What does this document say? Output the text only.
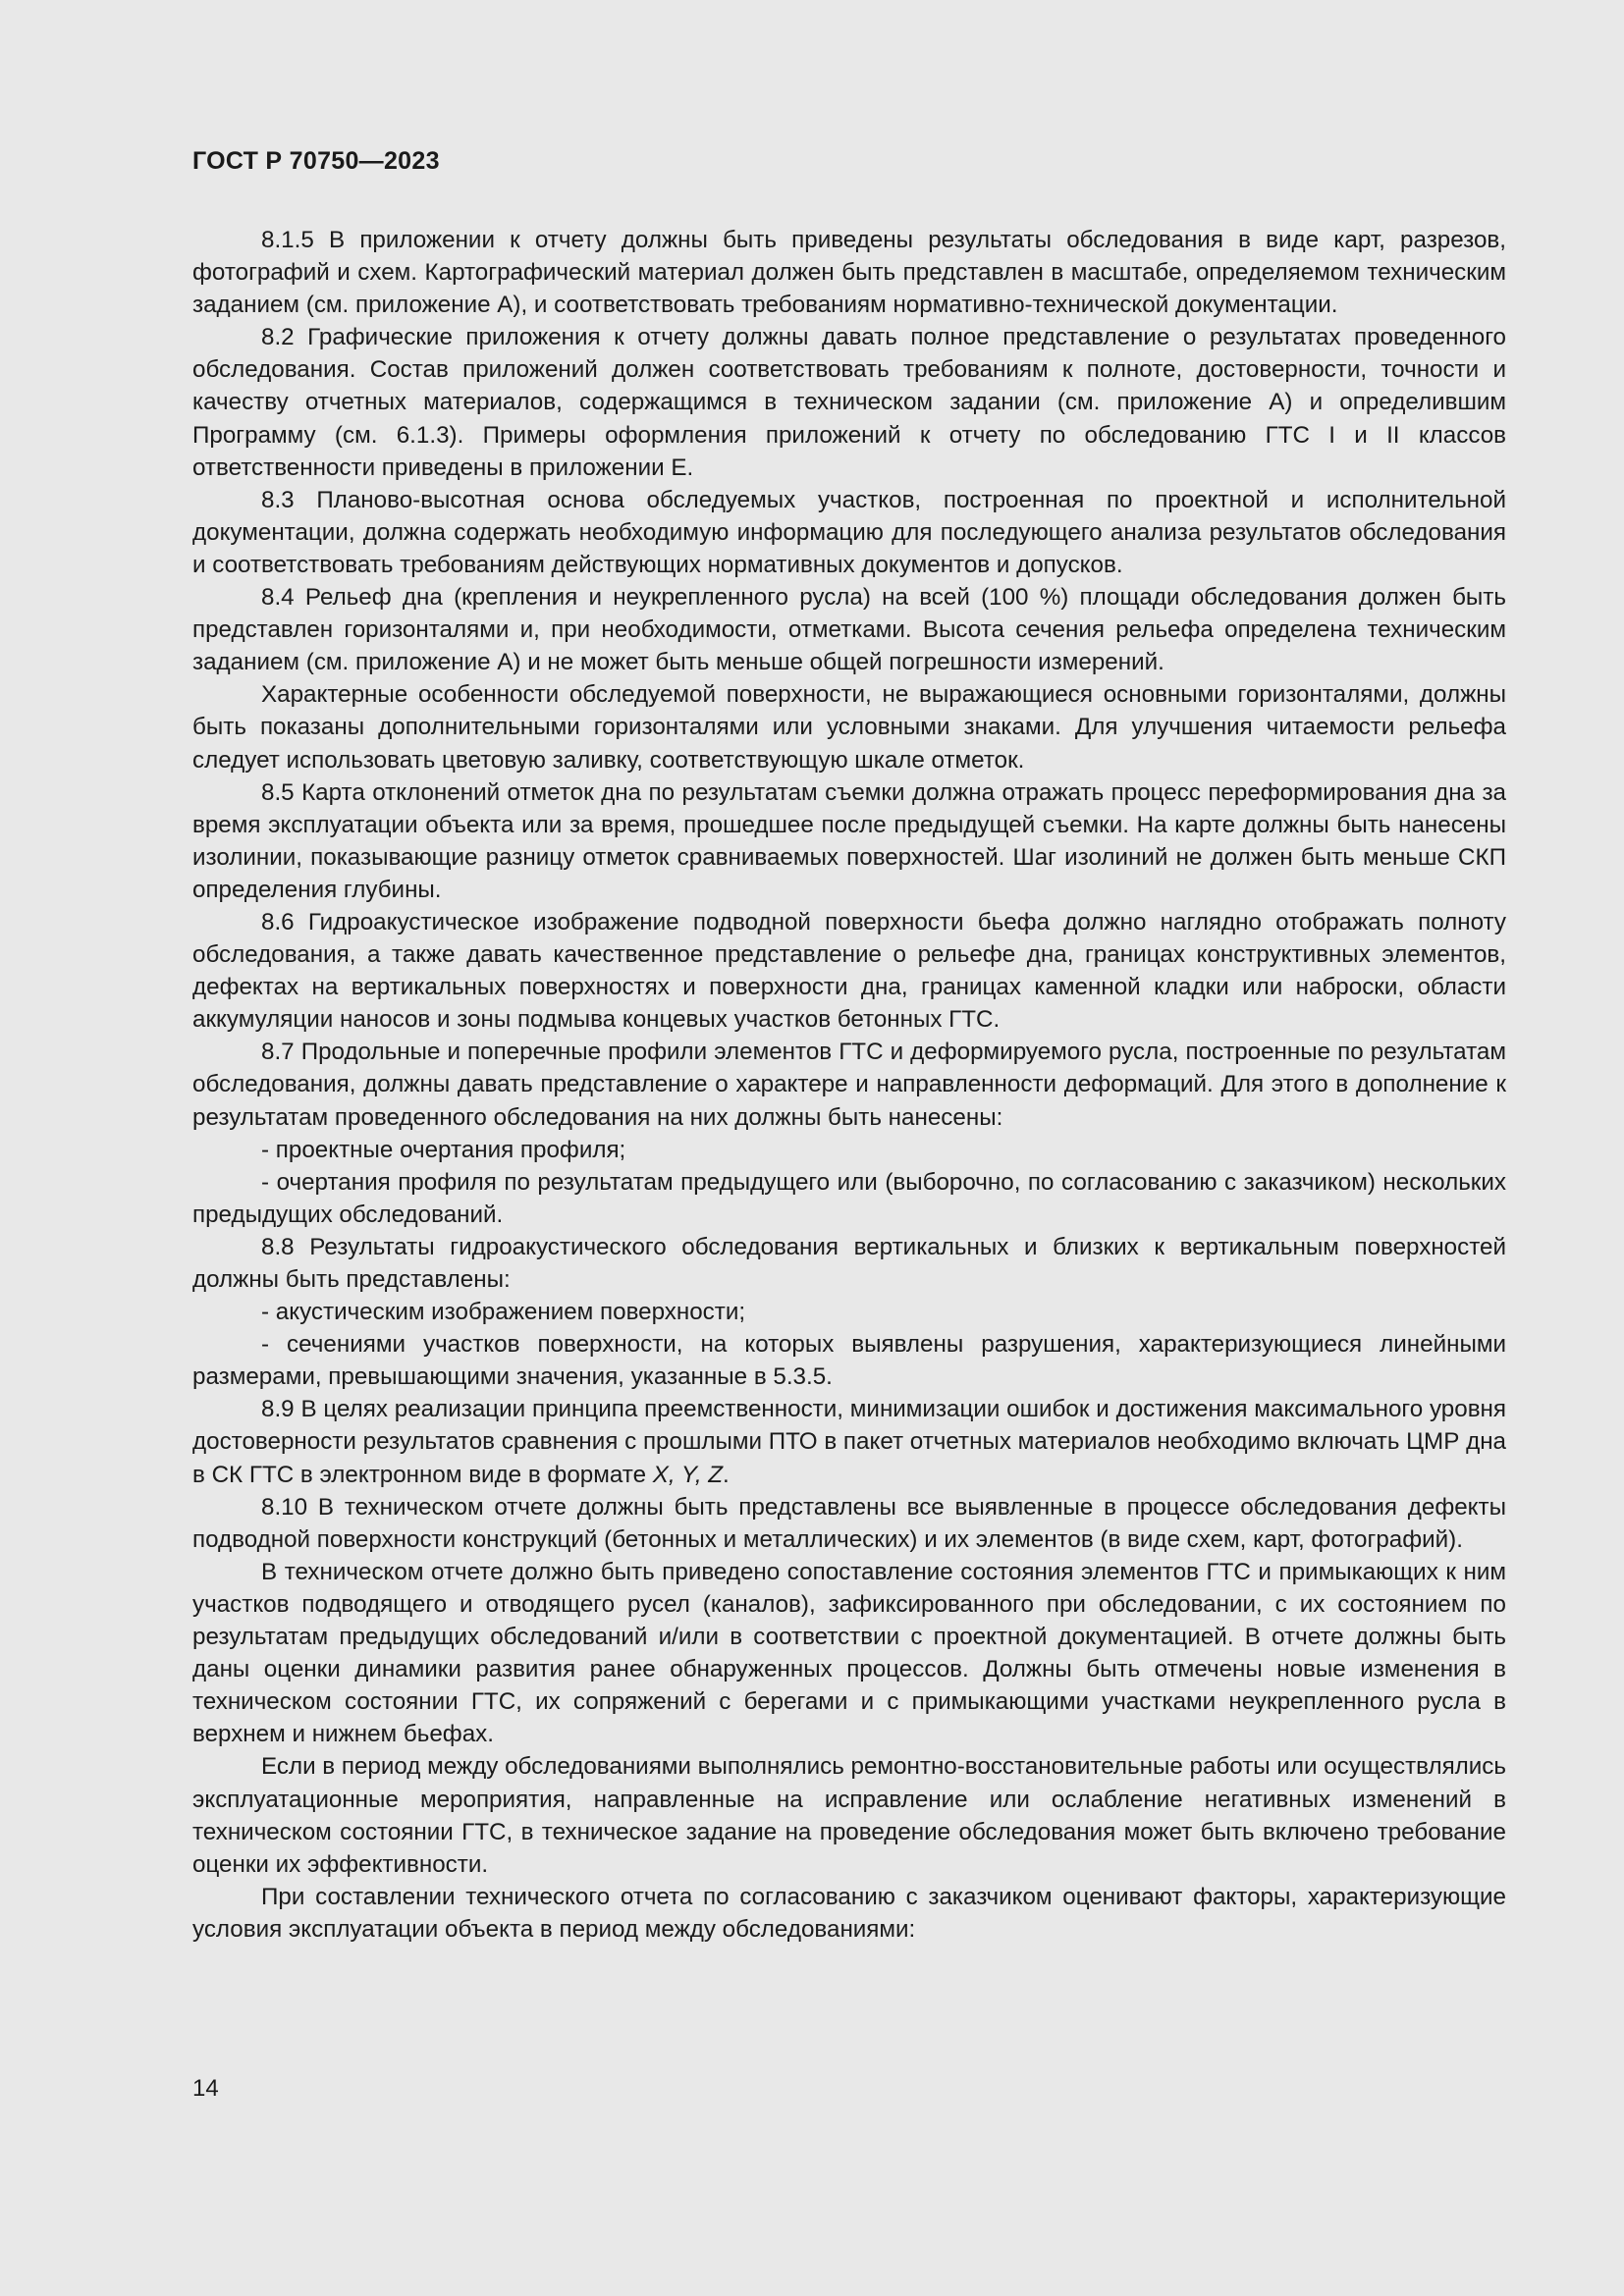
ГОСТ Р 70750—2023

8.1.5 В приложении к отчету должны быть приведены результаты обследования в виде карт, разрезов, фотографий и схем. Картографический материал должен быть представлен в масштабе, определяемом техническим заданием (см. приложение А), и соответствовать требованиям нормативно-технической документации.

8.2 Графические приложения к отчету должны давать полное представление о результатах проведенного обследования. Состав приложений должен соответствовать требованиям к полноте, достоверности, точности и качеству отчетных материалов, содержащимся в техническом задании (см. приложение А) и определившим Программу (см. 6.1.3). Примеры оформления приложений к отчету по обследованию ГТС I и II классов ответственности приведены в приложении Е.

8.3 Планово-высотная основа обследуемых участков, построенная по проектной и исполнительной документации, должна содержать необходимую информацию для последующего анализа результатов обследования и соответствовать требованиям действующих нормативных документов и допусков.

8.4 Рельеф дна (крепления и неукрепленного русла) на всей (100 %) площади обследования должен быть представлен горизонталями и, при необходимости, отметками. Высота сечения рельефа определена техническим заданием (см. приложение А) и не может быть меньше общей погрешности измерений.

Характерные особенности обследуемой поверхности, не выражающиеся основными горизонталями, должны быть показаны дополнительными горизонталями или условными знаками. Для улучшения читаемости рельефа следует использовать цветовую заливку, соответствующую шкале отметок.

8.5 Карта отклонений отметок дна по результатам съемки должна отражать процесс переформирования дна за время эксплуатации объекта или за время, прошедшее после предыдущей съемки. На карте должны быть нанесены изолинии, показывающие разницу отметок сравниваемых поверхностей. Шаг изолиний не должен быть меньше СКП определения глубины.

8.6 Гидроакустическое изображение подводной поверхности бьефа должно наглядно отображать полноту обследования, а также давать качественное представление о рельефе дна, границах конструктивных элементов, дефектах на вертикальных поверхностях и поверхности дна, границах каменной кладки или наброски, области аккумуляции наносов и зоны подмыва концевых участков бетонных ГТС.

8.7 Продольные и поперечные профили элементов ГТС и деформируемого русла, построенные по результатам обследования, должны давать представление о характере и направленности деформаций. Для этого в дополнение к результатам проведенного обследования на них должны быть нанесены:

- проектные очертания профиля;

- очертания профиля по результатам предыдущего или (выборочно, по согласованию с заказчиком) нескольких предыдущих обследований.

8.8 Результаты гидроакустического обследования вертикальных и близких к вертикальным поверхностей должны быть представлены:

- акустическим изображением поверхности;

- сечениями участков поверхности, на которых выявлены разрушения, характеризующиеся линейными размерами, превышающими значения, указанные в 5.3.5.

8.9 В целях реализации принципа преемственности, минимизации ошибок и достижения максимального уровня достоверности результатов сравнения с прошлыми ПТО в пакет отчетных материалов необходимо включать ЦМР дна в СК ГТС в электронном виде в формате X, Y, Z.

8.10 В техническом отчете должны быть представлены все выявленные в процессе обследования дефекты подводной поверхности конструкций (бетонных и металлических) и их элементов (в виде схем, карт, фотографий).

В техническом отчете должно быть приведено сопоставление состояния элементов ГТС и примыкающих к ним участков подводящего и отводящего русел (каналов), зафиксированного при обследовании, с их состоянием по результатам предыдущих обследований и/или в соответствии с проектной документацией. В отчете должны быть даны оценки динамики развития ранее обнаруженных процессов. Должны быть отмечены новые изменения в техническом состоянии ГТС, их сопряжений с берегами и с примыкающими участками неукрепленного русла в верхнем и нижнем бьефах.

Если в период между обследованиями выполнялись ремонтно-восстановительные работы или осуществлялись эксплуатационные мероприятия, направленные на исправление или ослабление негативных изменений в техническом состоянии ГТС, в техническое задание на проведение обследования может быть включено требование оценки их эффективности.

При составлении технического отчета по согласованию с заказчиком оценивают факторы, характеризующие условия эксплуатации объекта в период между обследованиями:

14
